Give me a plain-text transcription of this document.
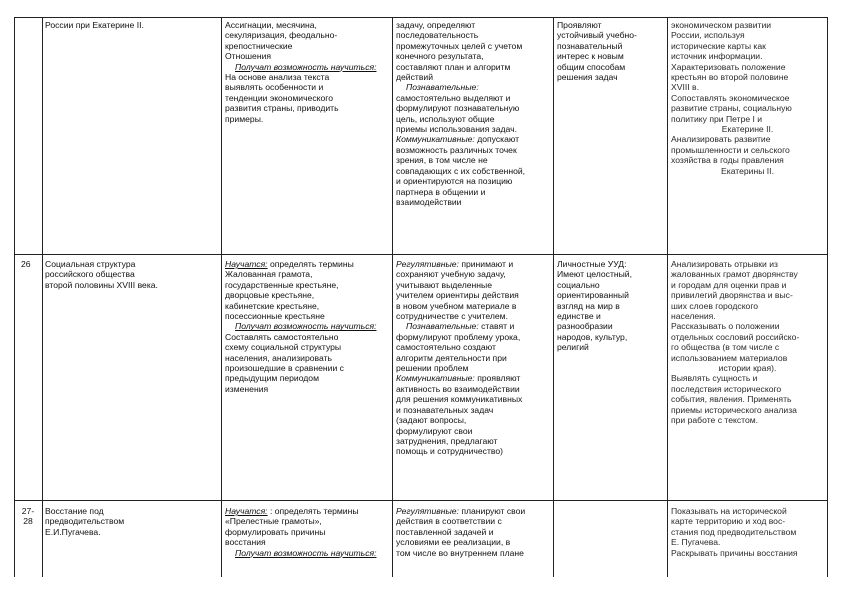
России при Екатерине II.	Ассигнации, месячина,

секуляризация, феодально-

крепостнические

Отношения

Получат возможность научиться:

На основе анализа текста

выявлять особенности и

тенденции экономического

развития страны, приводить

примеры.

задачу, определяют

последовательность

промежуточных целей с учетом

конечного результата,

составляют план и алгоритм

действий

Познавательные:

самостоятельно выделяют и

формулируют познавательную

цель, используют общие

приемы использования задач.

Коммуникативные: допускают

возможность различных точек

зрения, в том числе не

совпадающих с их собственной,

и ориентируются на позицию

партнера в общении и

взаимодействии

Проявляют

устойчивый учебно-

познавательный

интерес к новым

общим способам

решения задач

экономическом развитии

России, используя

исторические карты как

источник информации.

Характеризовать положение

крестьян во второй половине

XVIII в.

Сопоставлять экономическое

развитие страны, социальную

политику при Петре I и

Екатерине II.

Анализировать развитие

промышленности и сельского

хозяйства в годы правления

Екатерины II.

26	Социальная структура российского общества второй половины XVIII века.

Научатся: определять термины

Жалованная грамота,

государственные крестьяне,

дворцовые крестьяне,

кабинетские крестьяне,

посессионные крестьяне

Получат возможность научиться:

Составлять самостоятельно

схему социальной структуры

населения, анализировать

произошедшие в сравнении с

предыдущим периодом

изменения

Регулятивные: принимают и

сохраняют учебную задачу,

учитывают выделенные

учителем ориентиры действия

в новом учебном материале в

сотрудничестве с учителем.

Познавательные: ставят и

формулируют проблему урока,

самостоятельно создают

алгоритм деятельности при

решении проблем

Коммуникативные: проявляют

активность во взаимодействии

для решения коммуникативных

и познавательных задач

(задают вопросы,

формулируют свои

затруднения, предлагают

помощь и сотрудничество)

Личностные УУД:

Имеют целостный,

социально

ориентированный

взгляд на мир в

единстве и

разнообразии

народов, культур,

религий

Анализировать отрывки из

жалованных грамот дворянству

и городам для оценки прав и

привилегий дворянства и выс-

ших слоев городского

населения.

Рассказывать о положении

отдельных сословий российско-

го общества (в том числе с

использованием материалов

истории края).

Выявлять сущность и

последствия исторического

события, явления. Применять

приемы исторического анализа

при работе с текстом.

27-
28
Восстание под предводительством Е.И.Пугачева.

Научатся: : определять термины

«Прелестные грамоты»,

формулировать причины

восстания

Получат возможность научиться:

Регулятивные: планируют свои

действия в соответствии с

поставленной задачей и

условиями ее реализации, в

том числе во внутреннем плане

Показывать на исторической

карте территорию и ход вос-

стания под предводительством

Е. Пугачева.

Раскрывать причины восстания
